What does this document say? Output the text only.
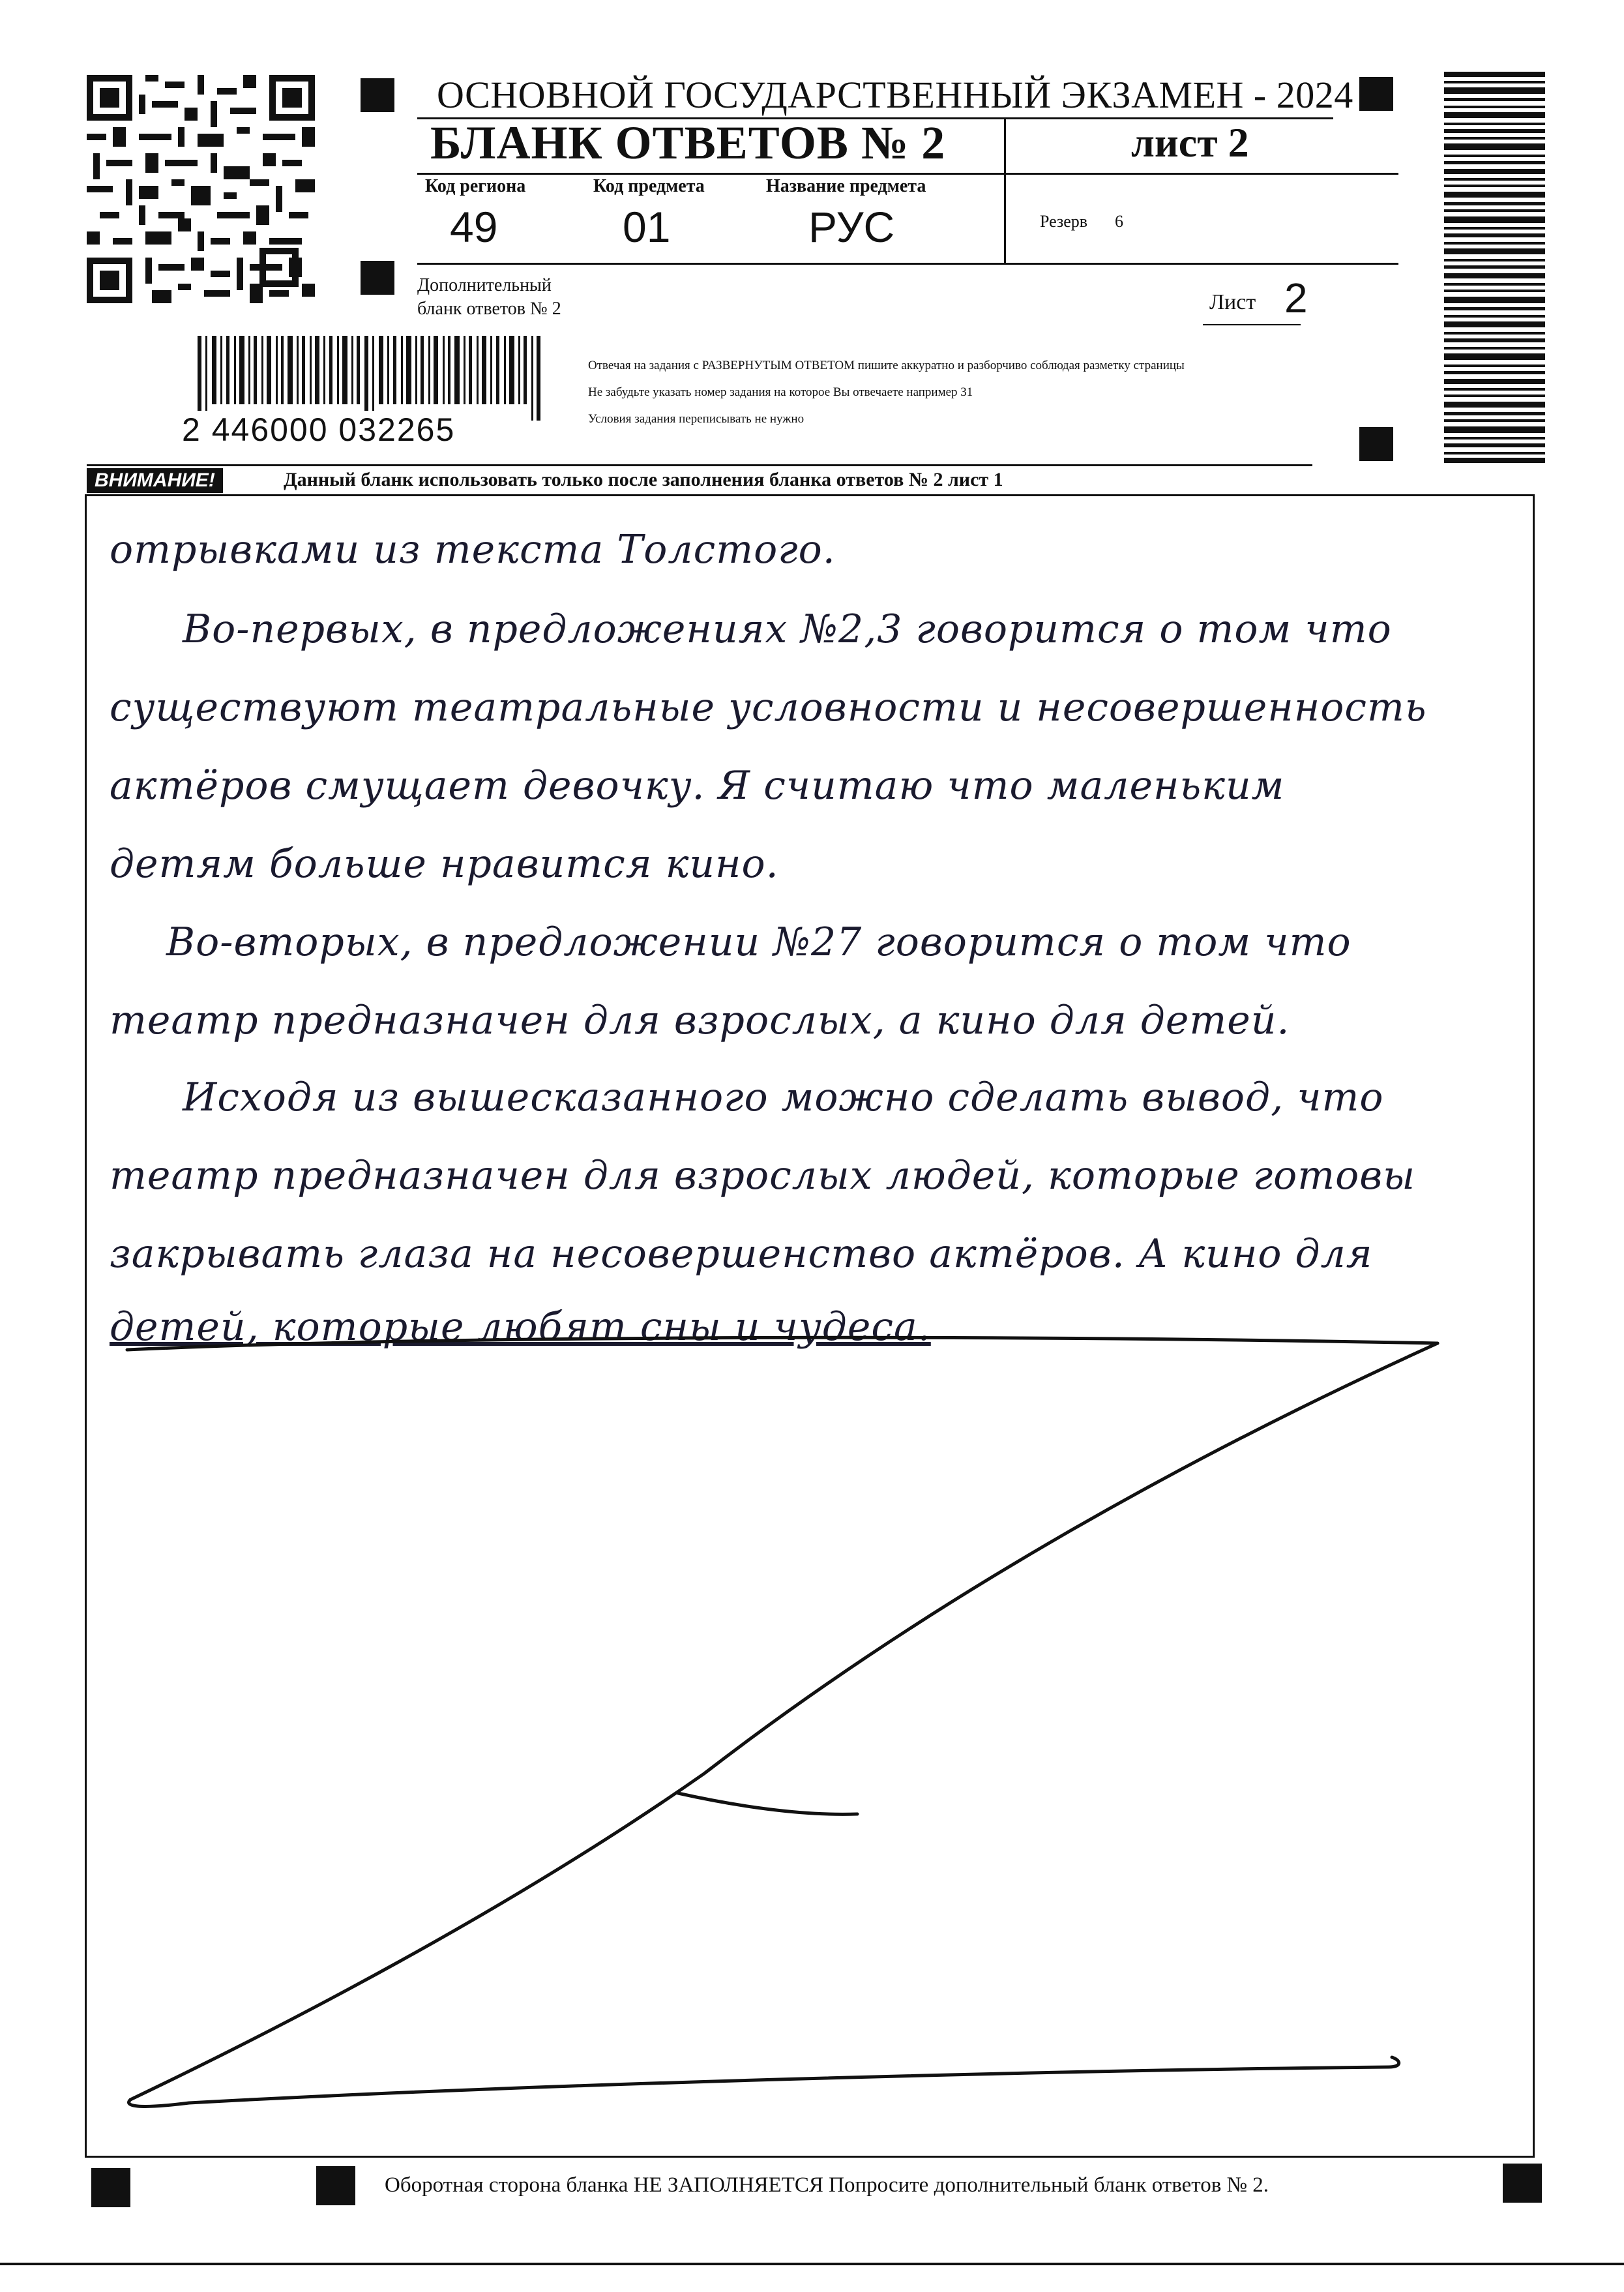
ОСНОВНОЙ ГОСУДАРСТВЕННЫЙ ЭКЗАМЕН - 2024
БЛАНК ОТВЕТОВ № 2	лист 2
Код региона
49
Код предмета
01
Название предмета
РУС	Резерв 6
Дополнительный
бланк ответов № 2	Лист 2
2 446000 032265
Отвечая на задания с РАЗВЕРНУТЫМ ОТВЕТОМ пишите аккуратно и разборчиво соблюдая разметку страницы
Не забудьте указать номер задания на которое Вы отвечаете например 31
Условия задания переписывать не нужно
ВНИМАНИЕ!	Данный бланк использовать только после заполнения бланка ответов № 2 лист 1
отрывками из текста Толстого.
Во-первых, в предложениях №2,3 говорится о том что
существуют театральные условности и несовершенность
актёров смущает девочку. Я считаю что маленьким
детям больше нравится кино.
Во-вторых, в предложении №27 говорится о том что
театр предназначен для взрослых, а кино для детей.
Исходя из вышесказанного можно сделать вывод, что
театр предназначен для взрослых людей, которые готовы
закрывать глаза на несовершенство актёров. А кино для
детей, которые любят сны и чудеса.
Оборотная сторона бланка НЕ ЗАПОЛНЯЕТСЯ Попросите дополнительный бланк ответов № 2.
